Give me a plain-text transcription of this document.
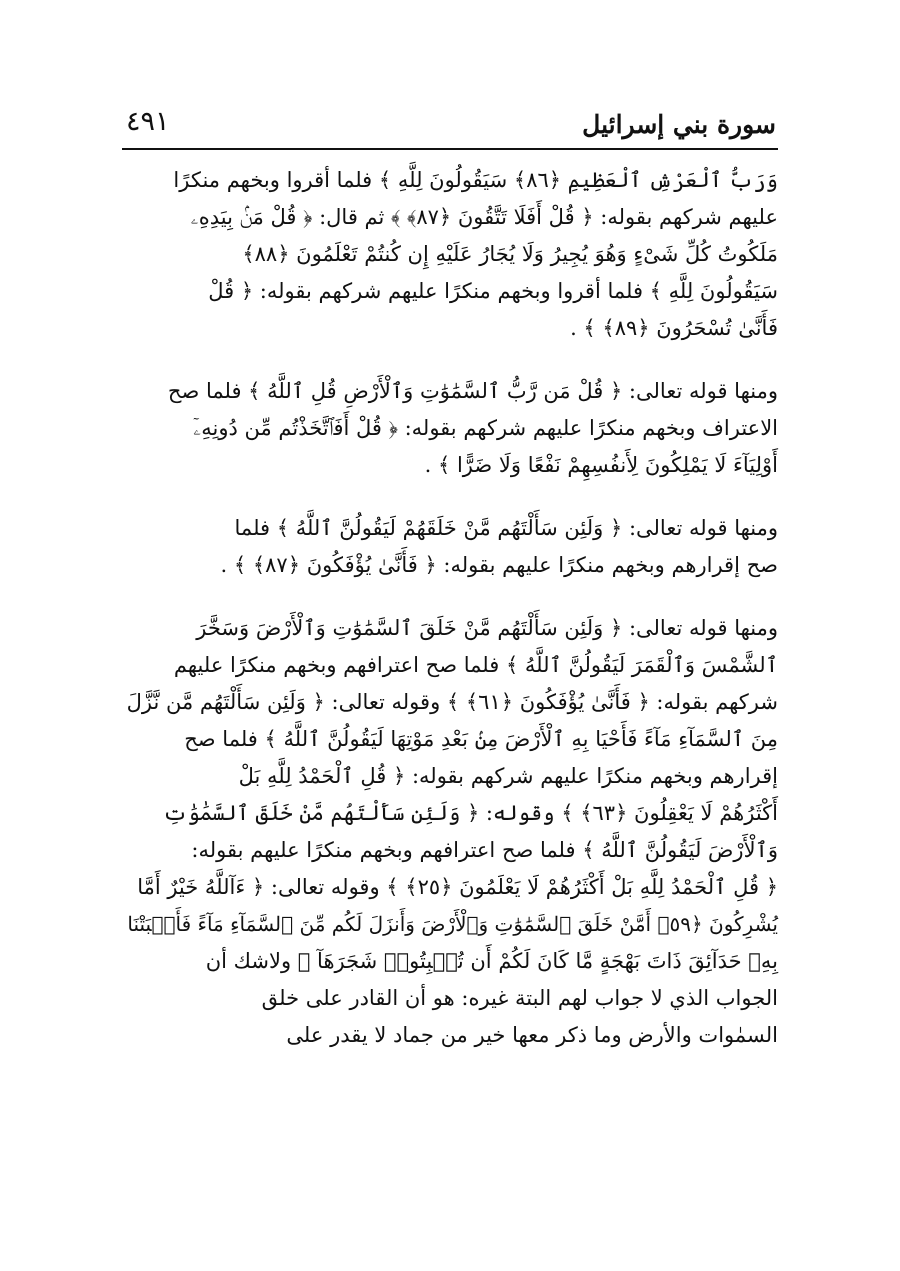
سورة بني إسرائيل
٤٩١

وَرَبُّ ٱلْعَرْشِ ٱلْعَظِيمِ ﴿٨٦﴾ سَيَقُولُونَ لِلَّهِ ﴾ فلما أقروا وبخهم منكرًا
عليهم شركهم بقوله: ﴿ قُلْ أَفَلَا تَتَّقُونَ ﴿٨٧﴾ ﴾ ثم قال: ﴿ قُلْ مَنۢ بِيَدِهِۦ
مَلَكُوتُ كُلِّ شَىْءٍ وَهُوَ يُجِيرُ وَلَا يُجَارُ عَلَيْهِ إِن كُنتُمْ تَعْلَمُونَ ﴿٨٨﴾
سَيَقُولُونَ لِلَّهِ ﴾ فلما أقروا وبخهم منكرًا عليهم شركهم بقوله: ﴿ قُلْ
فَأَنَّىٰ تُسْحَرُونَ ﴿٨٩﴾ ﴾ .

ومنها قوله تعالى: ﴿ قُلْ مَن رَّبُّ ٱلسَّمَٰوَٰتِ وَٱلْأَرْضِ قُلِ ٱللَّهُ ﴾ فلما صح
الاعتراف وبخهم منكرًا عليهم شركهم بقوله: ﴿ قُلْ أَفَٱتَّخَذْتُم مِّن دُونِهِۦٓ
أَوْلِيَآءَ لَا يَمْلِكُونَ لِأَنفُسِهِمْ نَفْعًا وَلَا ضَرًّا ﴾ .

ومنها قوله تعالى: ﴿ وَلَئِن سَأَلْتَهُم مَّنْ خَلَقَهُمْ لَيَقُولُنَّ ٱللَّهُ ﴾ فلما
صح إقرارهم وبخهم منكرًا عليهم بقوله: ﴿ فَأَنَّىٰ يُؤْفَكُونَ ﴿٨٧﴾ ﴾ .

ومنها قوله تعالى: ﴿ وَلَئِن سَأَلْتَهُم مَّنْ خَلَقَ ٱلسَّمَٰوَٰتِ وَٱلْأَرْضَ وَسَخَّرَ
ٱلشَّمْسَ وَٱلْقَمَرَ لَيَقُولُنَّ ٱللَّهُ ﴾ فلما صح اعترافهم وبخهم منكرًا عليهم
شركهم بقوله: ﴿ فَأَنَّىٰ يُؤْفَكُونَ ﴿٦١﴾ ﴾ وقوله تعالى: ﴿ وَلَئِن سَأَلْتَهُم مَّن نَّزَّلَ
مِنَ ٱلسَّمَآءِ مَآءً فَأَحْيَا بِهِ ٱلْأَرْضَ مِنۢ بَعْدِ مَوْتِهَا لَيَقُولُنَّ ٱللَّهُ ﴾ فلما صح
إقرارهم وبخهم منكرًا عليهم شركهم بقوله: ﴿ قُلِ ٱلْحَمْدُ لِلَّهِ بَلْ
أَكْثَرُهُمْ لَا يَعْقِلُونَ ﴿٦٣﴾ ﴾ وقوله: ﴿ وَلَئِن سَأَلْتَهُم مَّنْ خَلَقَ ٱلسَّمَٰوَٰتِ
وَٱلْأَرْضَ لَيَقُولُنَّ ٱللَّهُ ﴾ فلما صح اعترافهم وبخهم منكرًا عليهم بقوله:
﴿ قُلِ ٱلْحَمْدُ لِلَّهِ بَلْ أَكْثَرُهُمْ لَا يَعْلَمُونَ ﴿٢٥﴾ ﴾ وقوله تعالى: ﴿ ءَآللَّهُ خَيْرٌ أَمَّا
يُشْرِكُونَ ﴿٥٩﴾ أَمَّنْ خَلَقَ ٱلسَّمَٰوَٰتِ وَٱلْأَرْضَ وَأَنزَلَ لَكُم مِّنَ ٱلسَّمَآءِ مَآءً فَأَنۢبَتْنَا
بِهِۦ حَدَآئِقَ ذَاتَ بَهْجَةٍ مَّا كَانَ لَكُمْ أَن تُنۢبِتُوا۟ شَجَرَهَآ ﴾ ولاشك أن
الجواب الذي لا جواب لهم البتة غيره: هو أن القادر على خلق
السمٰوات والأرض وما ذكر معها خير من جماد لا يقدر على
